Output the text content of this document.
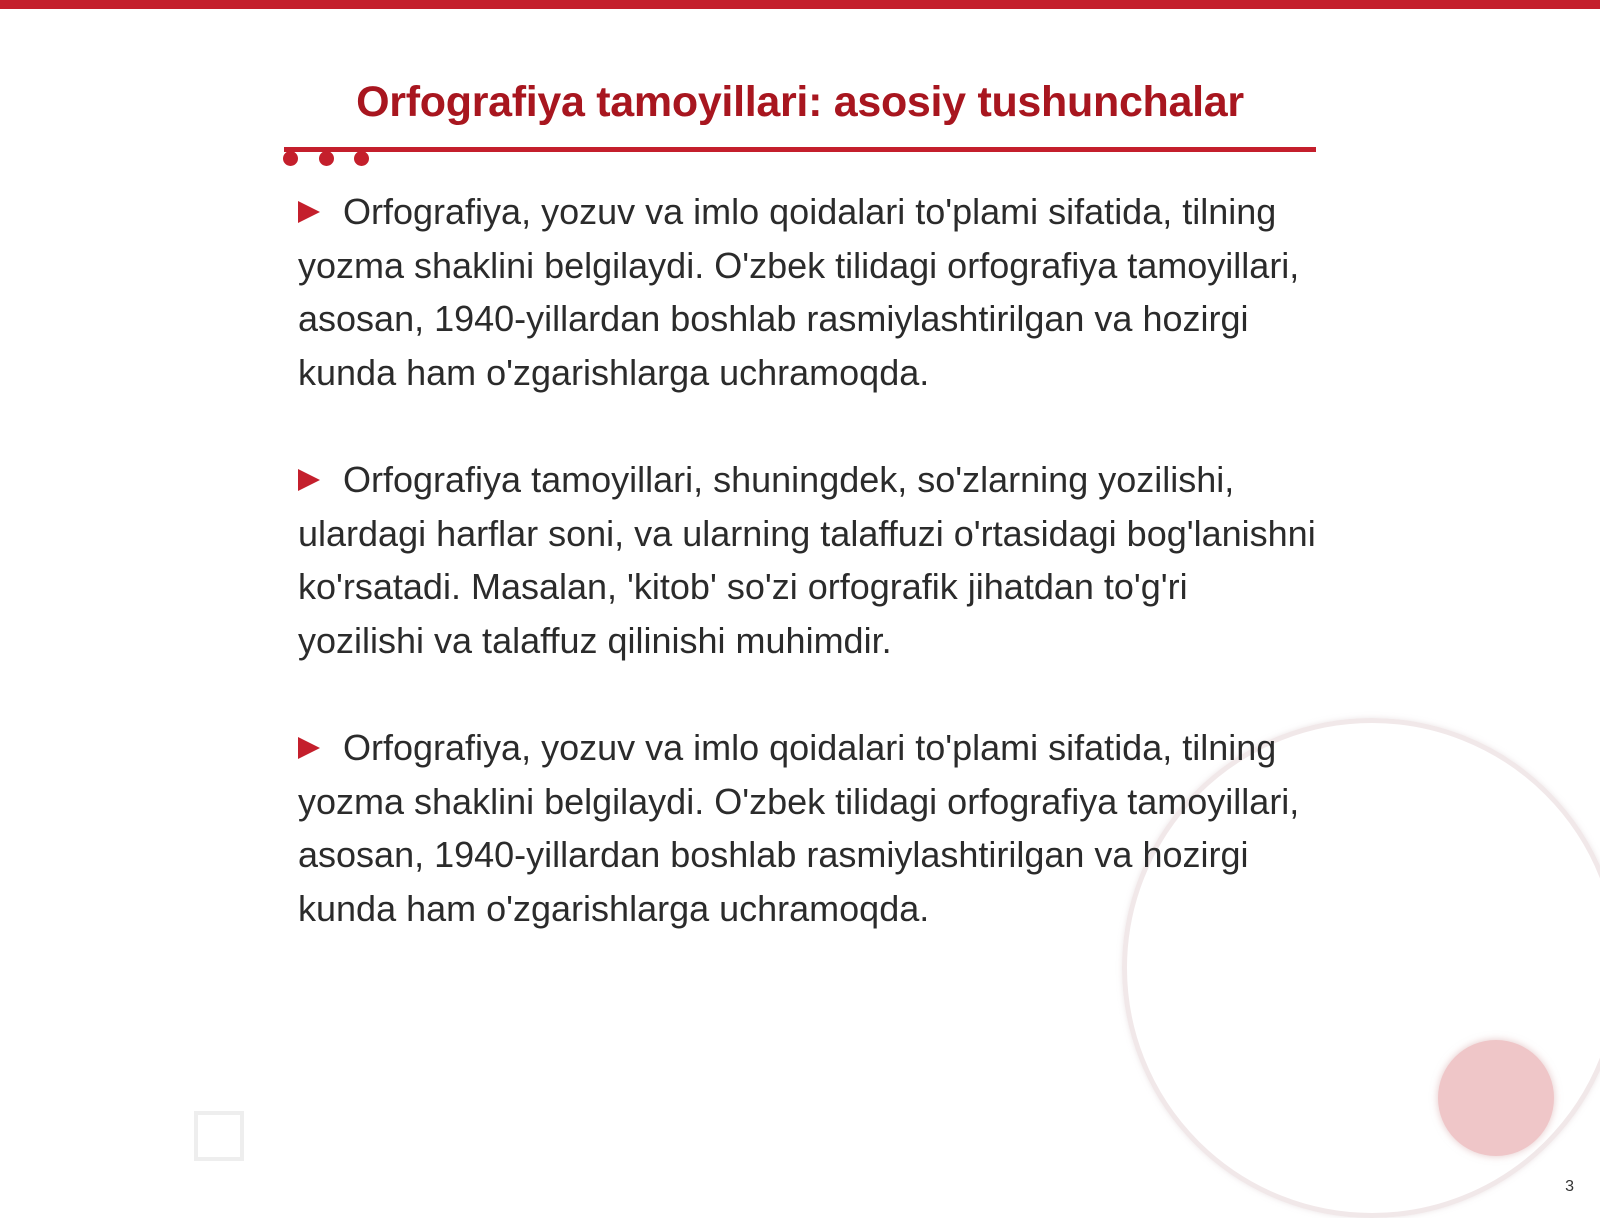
Orfografiya tamoyillari: asosiy tushunchalar

Orfografiya, yozuv va imlo qoidalari to'plami sifatida, tilning yozma shaklini belgilaydi. O'zbek tilidagi orfografiya tamoyillari, asosan, 1940-yillardan boshlab rasmiylashtirilgan va hozirgi kunda ham o'zgarishlarga uchramoqda.

Orfografiya tamoyillari, shuningdek, so'zlarning yozilishi, ulardagi harflar soni, va ularning talaffuzi o'rtasidagi bog'lanishni ko'rsatadi. Masalan, 'kitob' so'zi orfografik jihatdan to'g'ri yozilishi va talaffuz qilinishi muhimdir.

Orfografiya, yozuv va imlo qoidalari to'plami sifatida, tilning yozma shaklini belgilaydi. O'zbek tilidagi orfografiya tamoyillari, asosan, 1940-yillardan boshlab rasmiylashtirilgan va hozirgi kunda ham o'zgarishlarga uchramoqda.

3
